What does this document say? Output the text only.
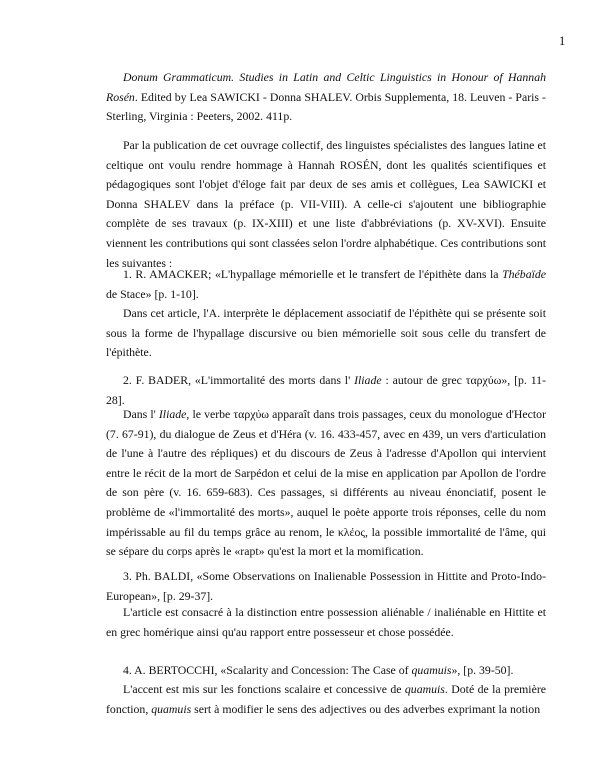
1

Donum Grammaticum. Studies in Latin and Celtic Linguistics in Honour of Hannah Rosén. Edited by Lea SAWICKI - Donna SHALEV. Orbis Supplementa, 18. Leuven - Paris - Sterling, Virginia : Peeters, 2002. 411p.

Par la publication de cet ouvrage collectif, des linguistes spécialistes des langues latine et celtique ont voulu rendre hommage à Hannah ROSÉN, dont les qualités scientifiques et pédagogiques sont l'objet d'éloge fait par deux de ses amis et collègues, Lea SAWICKI et Donna SHALEV dans la préface (p. VII-VIII). A celle-ci s'ajoutent une bibliographie complète de ses travaux (p. IX-XIII) et une liste d'abbréviations (p. XV-XVI). Ensuite viennent les contributions qui sont classées selon l'ordre alphabétique. Ces contributions sont les suivantes :

1. R. AMACKER; «L'hypallage mémorielle et le transfert de l'épithète dans la Thébaïde de Stace» [p. 1-10].

Dans cet article, l'A. interprète le déplacement associatif de l'épithète qui se présente soit sous la forme de l'hypallage discursive ou bien mémorielle soit sous celle du transfert de l'épithète.

2. F. BADER, «L'immortalité des morts dans l' Iliade : autour de grec ταρχύω», [p. 11-28].

Dans l' Iliade, le verbe ταρχύω apparaît dans trois passages, ceux du monologue d'Hector (7. 67-91), du dialogue de Zeus et d'Héra (v. 16. 433-457, avec en 439, un vers d'articulation de l'une à l'autre des répliques) et du discours de Zeus à l'adresse d'Apollon qui intervient entre le récit de la mort de Sarpédon et celui de la mise en application par Apollon de l'ordre de son père (v. 16. 659-683). Ces passages, si différents au niveau énonciatif, posent le problème de «l'immortalité des morts», auquel le poète apporte trois réponses, celle du nom impérissable au fil du temps grâce au renom, le κλέος, la possible immortalité de l'âme, qui se sépare du corps après le «rapt» qu'est la mort et la momification.

3. Ph. BALDI, «Some Observations on Inalienable Possession in Hittite and Proto-Indo-European», [p. 29-37].

L'article est consacré à la distinction entre possession aliénable / inaliénable en Hittite et en grec homérique ainsi qu'au rapport entre possesseur et chose possédée.

4. A. BERTOCCHI, «Scalarity and Concession: The Case of quamuis», [p. 39-50].

L'accent est mis sur les fonctions scalaire et concessive de quamuis. Doté de la première fonction, quamuis sert à modifier le sens des adjectives ou des adverbes exprimant la notion
